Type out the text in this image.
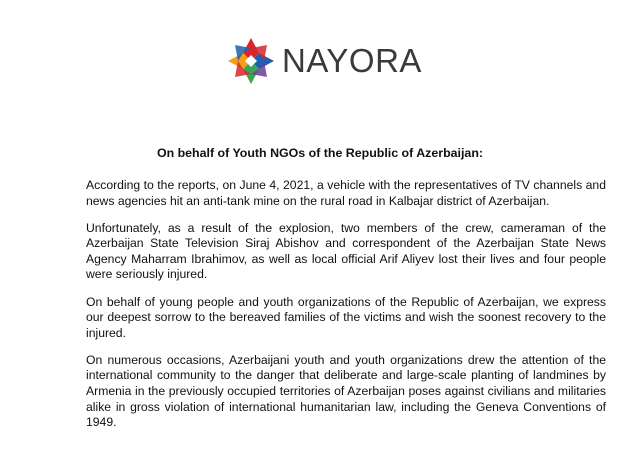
NAYORA
On behalf of Youth NGOs of the Republic of Azerbaijan:

According to the reports, on June 4, 2021, a vehicle with the representatives of TV channels and news agencies hit an anti-tank mine on the rural road in Kalbajar district of Azerbaijan.

Unfortunately, as a result of the explosion, two members of the crew, cameraman of the Azerbaijan State Television Siraj Abishov and correspondent of the Azerbaijan State News Agency Maharram Ibrahimov, as well as local official Arif Aliyev lost their lives and four people were seriously injured.

On behalf of young people and youth organizations of the Republic of Azerbaijan, we express our deepest sorrow to the bereaved families of the victims and wish the soonest recovery to the injured.

On numerous occasions, Azerbaijani youth and youth organizations drew the attention of the international community to the danger that deliberate and large-scale planting of landmines by Armenia in the previously occupied territories of Azerbaijan poses against civilians and militaries alike in gross violation of international humanitarian law, including the Geneva Conventions of 1949.
